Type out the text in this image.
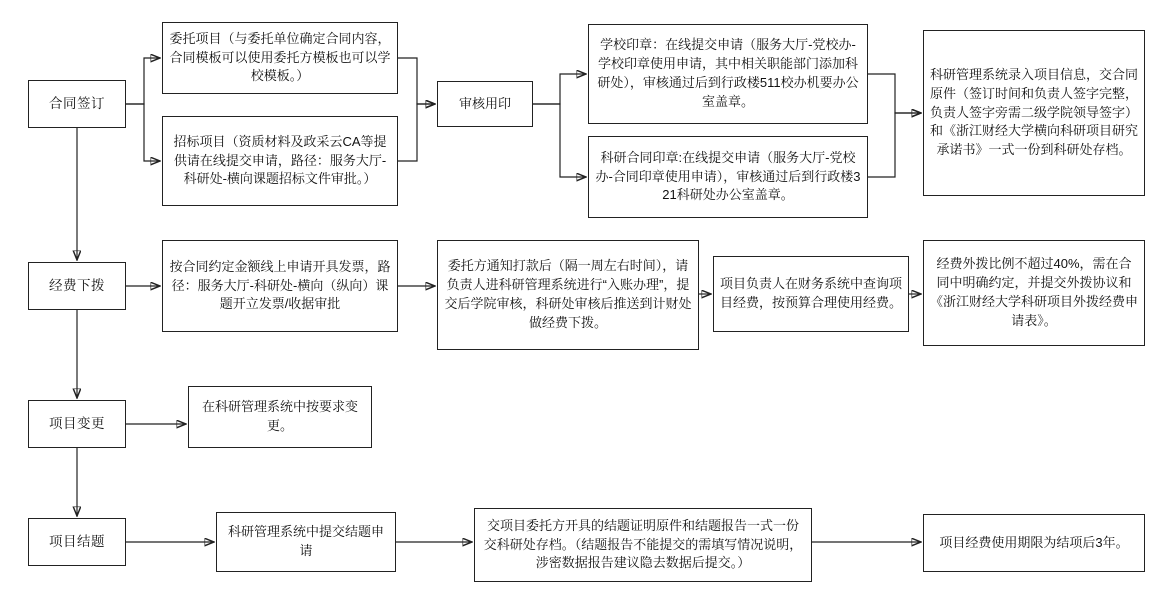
合同签订
委托项目（与委托单位确定合同内容，合同模板可以使用委托方模板也可以学校模板。）
招标项目（资质材料及政采云CA等提供请在线提交申请，路径：服务大厅-科研处-横向课题招标文件审批。）
审核用印
学校印章：在线提交申请（服务大厅-党校办-学校印章使用申请，其中相关职能部门添加科研处），审核通过后到行政楼511校办机要办公室盖章。
科研合同印章:在线提交申请（服务大厅-党校办-合同印章使用申请），审核通过后到行政楼321科研处办公室盖章。
科研管理系统录入项目信息，交合同原件（签订时间和负责人签字完整，负责人签字旁需二级学院领导签字）和《浙江财经大学横向科研项目研究承诺书》一式一份到科研处存档。
经费下拨
按合同约定金额线上申请开具发票，路径：服务大厅-科研处-横向（纵向）课题开立发票/收据审批
委托方通知打款后（隔一周左右时间），请负责人进科研管理系统进行“入账办理”，提交后学院审核，科研处审核后推送到计财处做经费下拨。
项目负责人在财务系统中查询项目经费，按预算合理使用经费。
经费外拨比例不超过40%，需在合同中明确约定，并提交外拨协议和《浙江财经大学科研项目外拨经费申请表》。
项目变更
在科研管理系统中按要求变更。
项目结题
科研管理系统中提交结题申请
交项目委托方开具的结题证明原件和结题报告一式一份交科研处存档。（结题报告不能提交的需填写情况说明，涉密数据报告建议隐去数据后提交。）
项目经费使用期限为结项后3年。
